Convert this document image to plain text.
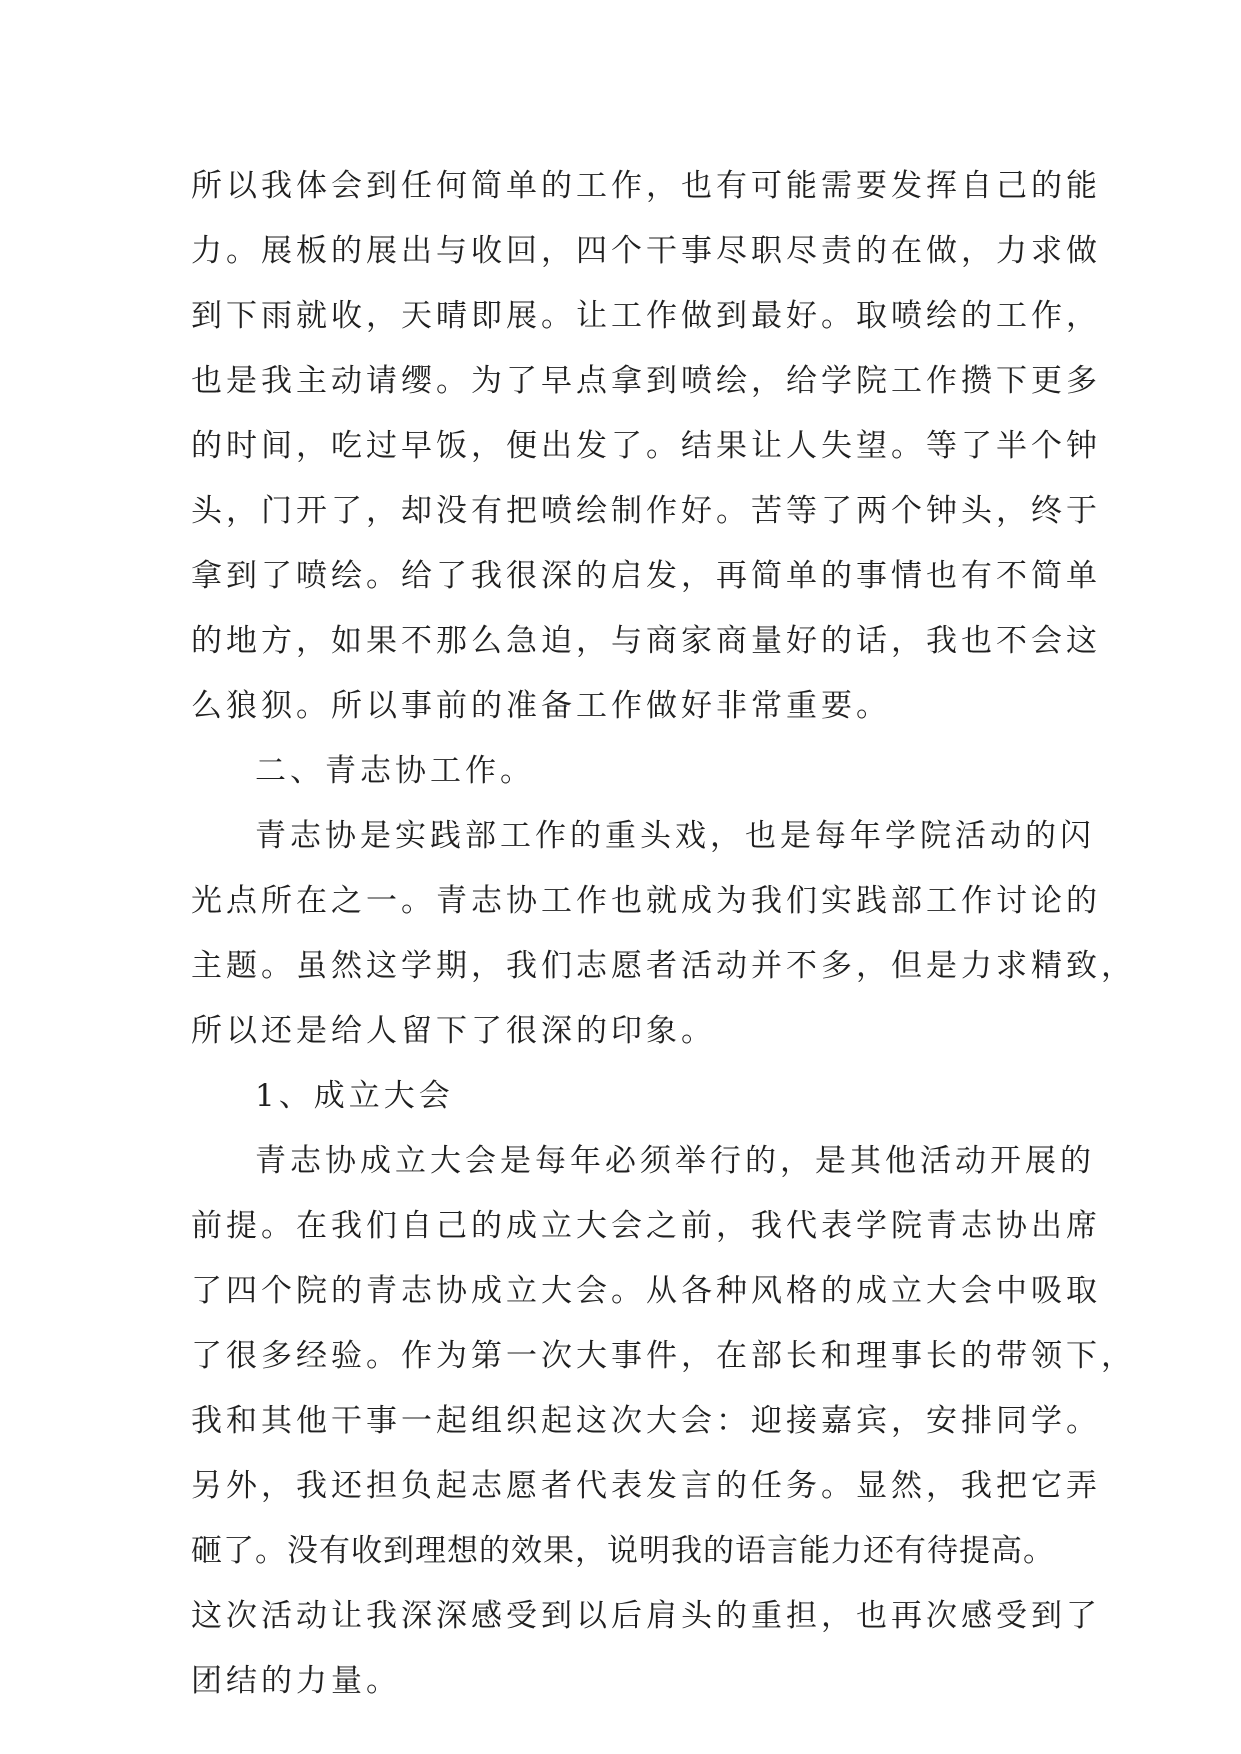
所以我体会到任何简单的工作，也有可能需要发挥自己的能
力。展板的展出与收回，四个干事尽职尽责的在做，力求做
到下雨就收，天晴即展。让工作做到最好。取喷绘的工作，
也是我主动请缨。为了早点拿到喷绘，给学院工作攒下更多
的时间，吃过早饭，便出发了。结果让人失望。等了半个钟
头，门开了，却没有把喷绘制作好。苦等了两个钟头，终于
拿到了喷绘。给了我很深的启发，再简单的事情也有不简单
的地方，如果不那么急迫，与商家商量好的话，我也不会这
么狼狈。所以事前的准备工作做好非常重要。
二、青志协工作。
青志协是实践部工作的重头戏，也是每年学院活动的闪
光点所在之一。青志协工作也就成为我们实践部工作讨论的
主题。虽然这学期，我们志愿者活动并不多，但是力求精致，
所以还是给人留下了很深的印象。
1、成立大会
青志协成立大会是每年必须举行的，是其他活动开展的
前提。在我们自己的成立大会之前，我代表学院青志协出席
了四个院的青志协成立大会。从各种风格的成立大会中吸取
了很多经验。作为第一次大事件，在部长和理事长的带领下，
我和其他干事一起组织起这次大会：迎接嘉宾，安排同学。
另外，我还担负起志愿者代表发言的任务。显然，我把它弄
砸了。没有收到理想的效果，说明我的语言能力还有待提高。
这次活动让我深深感受到以后肩头的重担，也再次感受到了
团结的力量。
